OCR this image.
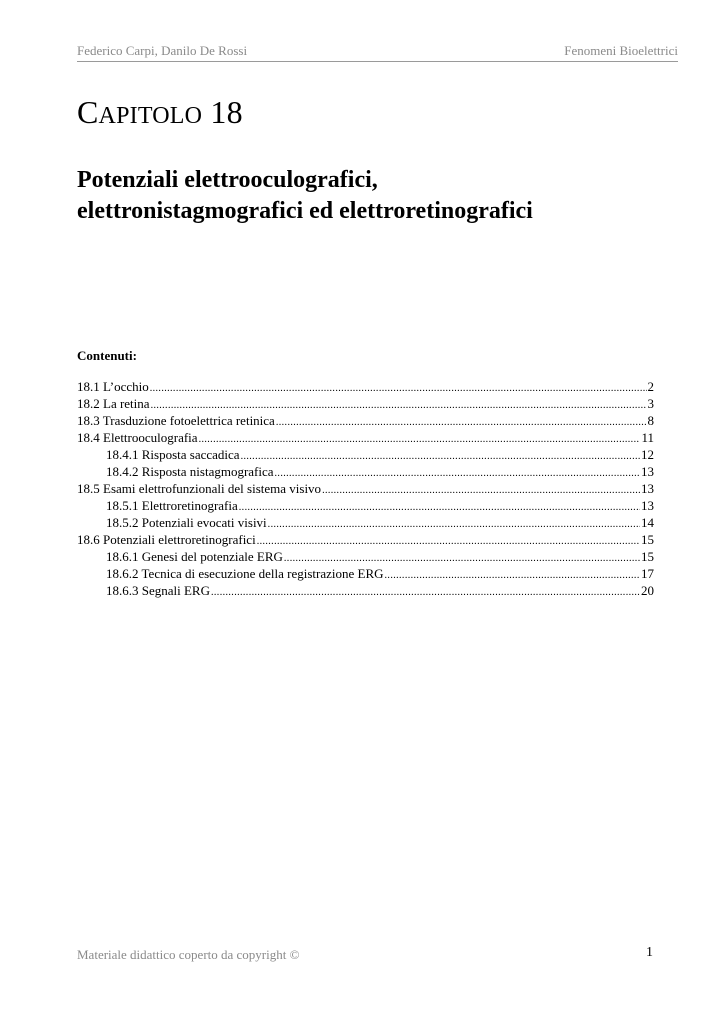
Federico Carpi, Danilo De Rossi	Fenomeni Bioelettrici
CAPITOLO 18
Potenziali elettrooculografici,
elettronistagmografici ed elettroretinografici
Contenuti:
18.1 L’occhio .....	2
18.2 La retina .....	3
18.3 Trasduzione fotoelettrica retinica .....	8
18.4 Elettrooculografia .....	11
18.4.1 Risposta saccadica .....	12
18.4.2 Risposta nistagmografica .....	13
18.5 Esami elettrofunzionali del sistema visivo .....	13
18.5.1 Elettroretinografia .....	13
18.5.2 Potenziali evocati visivi .....	14
18.6 Potenziali elettroretinografici .....	15
18.6.1 Genesi del potenziale ERG .....	15
18.6.2 Tecnica di esecuzione della registrazione ERG .....	17
18.6.3 Segnali ERG .....	20
Materiale didattico coperto da copyright ©	1
